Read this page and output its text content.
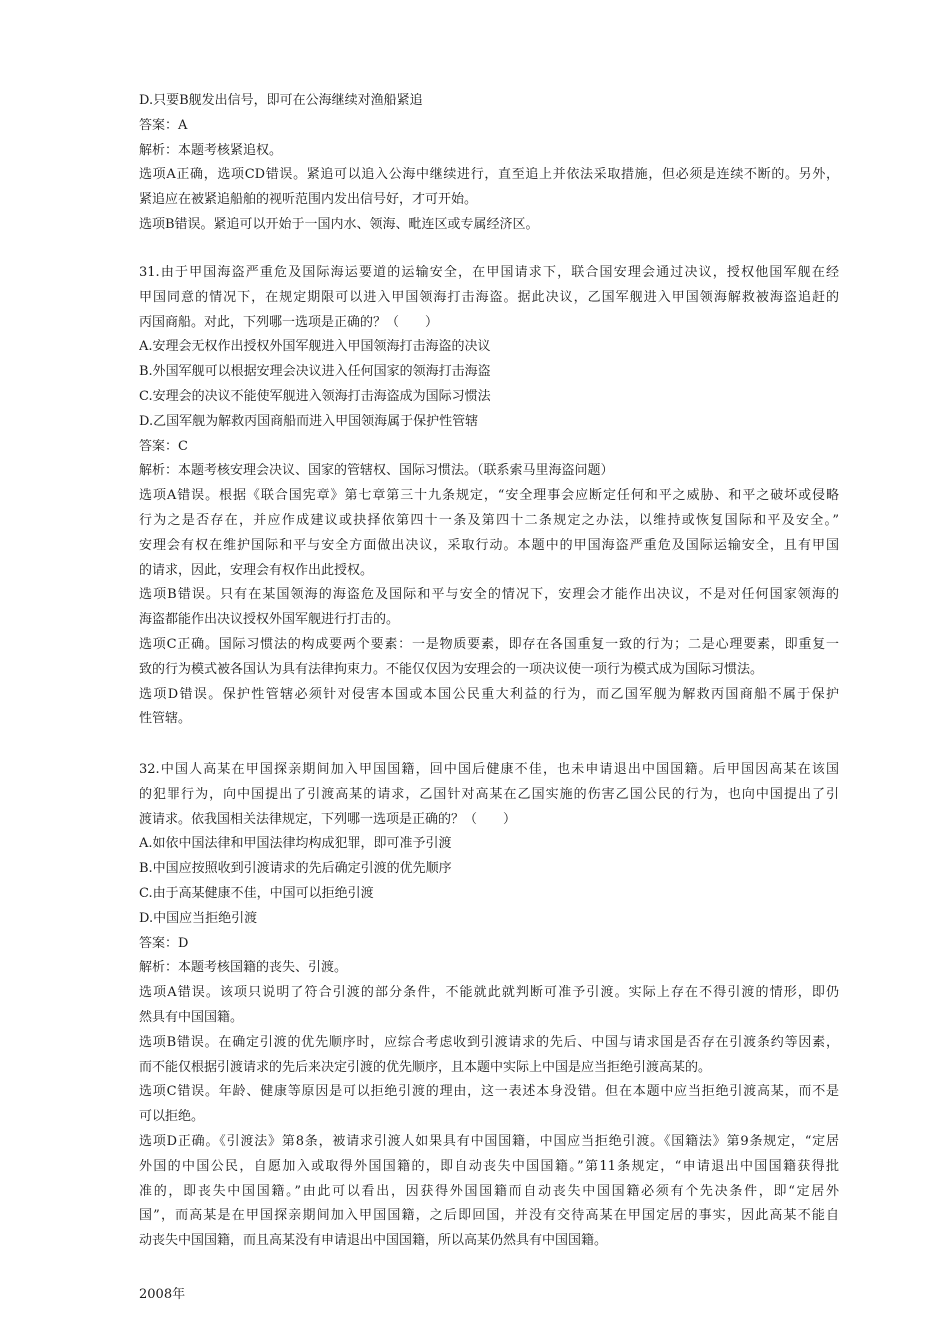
D.只要B舰发出信号，即可在公海继续对渔船紧追
答案：A
解析：本题考核紧追权。
选项A正确，选项CD错误。紧追可以追入公海中继续进行，直至追上并依法采取措施，但必须是连续不断的。另外，
紧追应在被紧追船舶的视听范围内发出信号好，才可开始。
选项B错误。紧追可以开始于一国内水、领海、毗连区或专属经济区。
31.由于甲国海盗严重危及国际海运要道的运输安全，在甲国请求下，联合国安理会通过决议，授权他国军舰在经
甲国同意的情况下，在规定期限可以进入甲国领海打击海盗。据此决议，乙国军舰进入甲国领海解救被海盗追赶的
丙国商船。对此，下列哪一选项是正确的？（　　）
A.安理会无权作出授权外国军舰进入甲国领海打击海盗的决议
B.外国军舰可以根据安理会决议进入任何国家的领海打击海盗
C.安理会的决议不能使军舰进入领海打击海盗成为国际习惯法
D.乙国军舰为解救丙国商船而进入甲国领海属于保护性管辖
答案：C
解析：本题考核安理会决议、国家的管辖权、国际习惯法。（联系索马里海盗问题）
选项A错误。根据《联合国宪章》第七章第三十九条规定，“安全理事会应断定任何和平之威胁、和平之破坏或侵略
行为之是否存在，并应作成建议或抉择依第四十一条及第四十二条规定之办法，以维持或恢复国际和平及安全。”
安理会有权在维护国际和平与安全方面做出决议，采取行动。本题中的甲国海盗严重危及国际运输安全，且有甲国
的请求，因此，安理会有权作出此授权。
选项B错误。只有在某国领海的海盗危及国际和平与安全的情况下，安理会才能作出决议，不是对任何国家领海的
海盗都能作出决议授权外国军舰进行打击的。
选项C正确。国际习惯法的构成要两个要素：一是物质要素，即存在各国重复一致的行为；二是心理要素，即重复一
致的行为模式被各国认为具有法律拘束力。不能仅仅因为安理会的一项决议使一项行为模式成为国际习惯法。
选项D错误。保护性管辖必须针对侵害本国或本国公民重大利益的行为，而乙国军舰为解救丙国商船不属于保护
性管辖。
32.中国人高某在甲国探亲期间加入甲国国籍，回中国后健康不佳，也未申请退出中国国籍。后甲国因高某在该国
的犯罪行为，向中国提出了引渡高某的请求，乙国针对高某在乙国实施的伤害乙国公民的行为，也向中国提出了引
渡请求。依我国相关法律规定，下列哪一选项是正确的？（　　）
A.如依中国法律和甲国法律均构成犯罪，即可准予引渡
B.中国应按照收到引渡请求的先后确定引渡的优先顺序
C.由于高某健康不佳，中国可以拒绝引渡
D.中国应当拒绝引渡
答案：D
解析：本题考核国籍的丧失、引渡。
选项A错误。该项只说明了符合引渡的部分条件，不能就此就判断可准予引渡。实际上存在不得引渡的情形，即仍
然具有中国国籍。
选项B错误。在确定引渡的优先顺序时，应综合考虑收到引渡请求的先后、中国与请求国是否存在引渡条约等因素，
而不能仅根据引渡请求的先后来决定引渡的优先顺序，且本题中实际上中国是应当拒绝引渡高某的。
选项C错误。年龄、健康等原因是可以拒绝引渡的理由，这一表述本身没错。但在本题中应当拒绝引渡高某，而不是
可以拒绝。
选项D正确。《引渡法》第8条，被请求引渡人如果具有中国国籍，中国应当拒绝引渡。《国籍法》第9条规定，“定居
外国的中国公民，自愿加入或取得外国国籍的，即自动丧失中国国籍。”第11条规定，“申请退出中国国籍获得批
准的，即丧失中国国籍。”由此可以看出，因获得外国国籍而自动丧失中国国籍必须有个先决条件，即“定居外
国”，而高某是在甲国探亲期间加入甲国国籍，之后即回国，并没有交待高某在甲国定居的事实，因此高某不能自
动丧失中国国籍，而且高某没有申请退出中国国籍，所以高某仍然具有中国国籍。
2008年
